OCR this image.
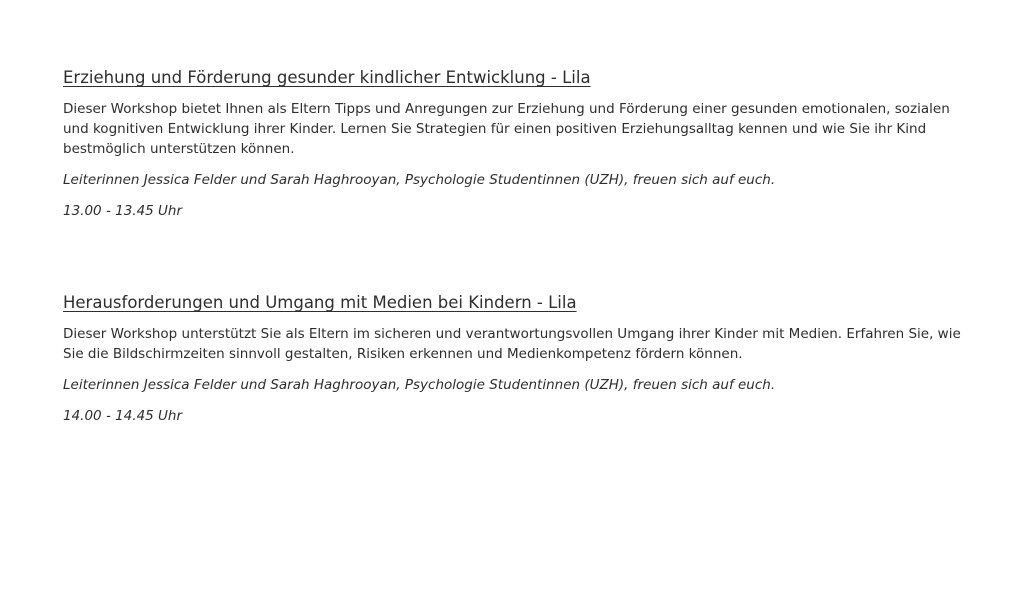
Erziehung und Förderung gesunder kindlicher Entwicklung - Lila

Dieser Workshop bietet Ihnen als Eltern Tipps und Anregungen zur Erziehung und Förderung einer gesunden emotionalen, sozialen und kognitiven Entwicklung ihrer Kinder. Lernen Sie Strategien für einen positiven Erziehungsalltag kennen und wie Sie ihr Kind bestmöglich unterstützen können.

Leiterinnen Jessica Felder und Sarah Haghrooyan, Psychologie Studentinnen (UZH), freuen sich auf euch.

13.00 - 13.45 Uhr

Herausforderungen und Umgang mit Medien bei Kindern - Lila

Dieser Workshop unterstützt Sie als Eltern im sicheren und verantwortungsvollen Umgang ihrer Kinder mit Medien. Erfahren Sie, wie Sie die Bildschirmzeiten sinnvoll gestalten, Risiken erkennen und Medienkompetenz fördern können.

Leiterinnen Jessica Felder und Sarah Haghrooyan, Psychologie Studentinnen (UZH), freuen sich auf euch.

14.00 - 14.45 Uhr
